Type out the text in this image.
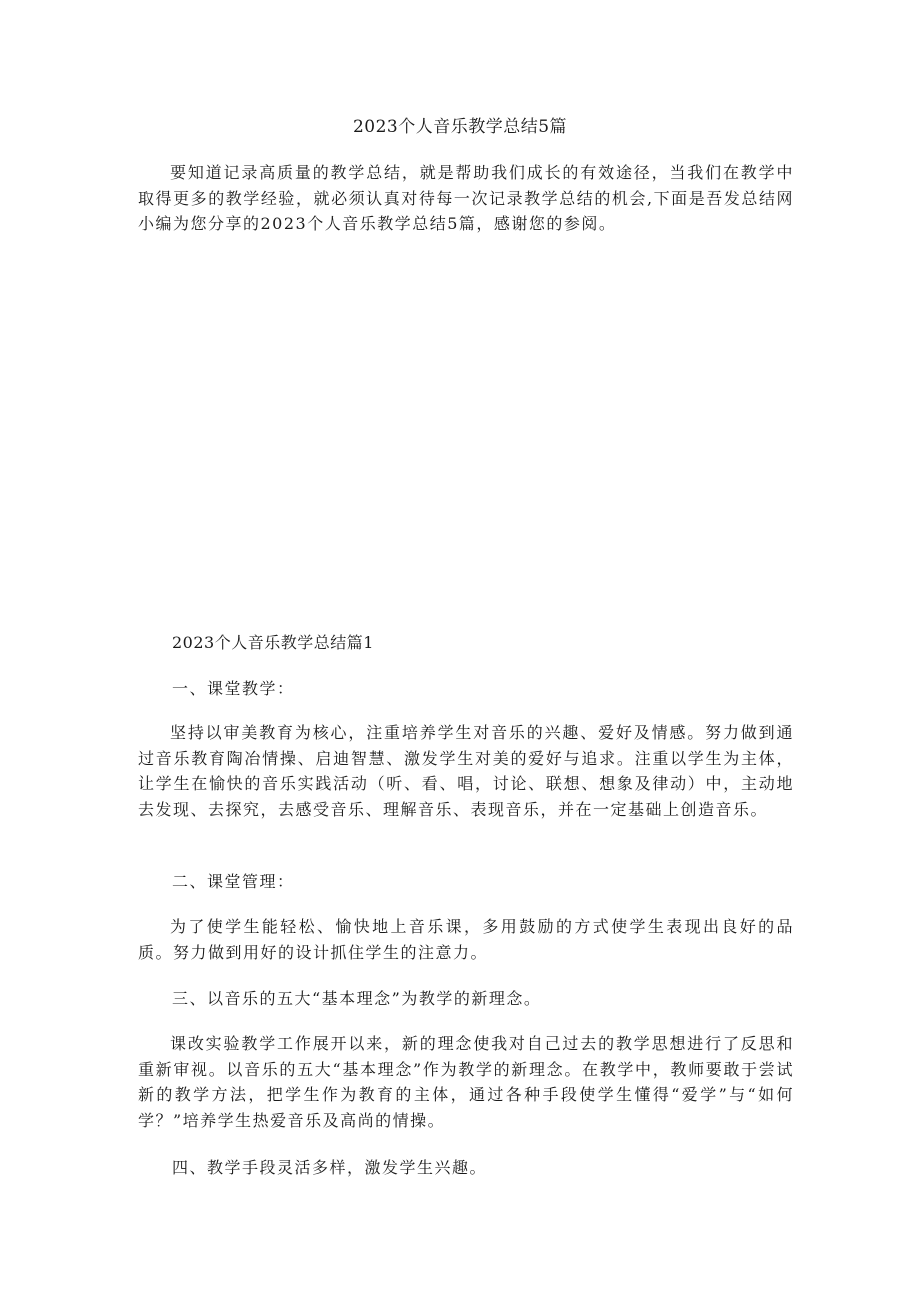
2023个人音乐教学总结5篇

要知道记录高质量的教学总结，就是帮助我们成长的有效途径，当我们在教学中取得更多的教学经验，就必须认真对待每一次记录教学总结的机会,下面是吾发总结网小编为您分享的2023个人音乐教学总结5篇，感谢您的参阅。

2023个人音乐教学总结篇1
一、课堂教学：

坚持以审美教育为核心，注重培养学生对音乐的兴趣、爱好及情感。努力做到通过音乐教育陶冶情操、启迪智慧、激发学生对美的爱好与追求。注重以学生为主体，让学生在愉快的音乐实践活动（听、看、唱，讨论、联想、想象及律动）中，主动地去发现、去探究，去感受音乐、理解音乐、表现音乐，并在一定基础上创造音乐。

二、课堂管理：

为了使学生能轻松、愉快地上音乐课，多用鼓励的方式使学生表现出良好的品质。努力做到用好的设计抓住学生的注意力。

三、以音乐的五大“基本理念”为教学的新理念。

课改实验教学工作展开以来，新的理念使我对自己过去的教学思想进行了反思和重新审视。以音乐的五大“基本理念”作为教学的新理念。在教学中，教师要敢于尝试新的教学方法，把学生作为教育的主体，通过各种手段使学生懂得“爱学”与“如何学？”培养学生热爱音乐及高尚的情操。

四、教学手段灵活多样，激发学生兴趣。
